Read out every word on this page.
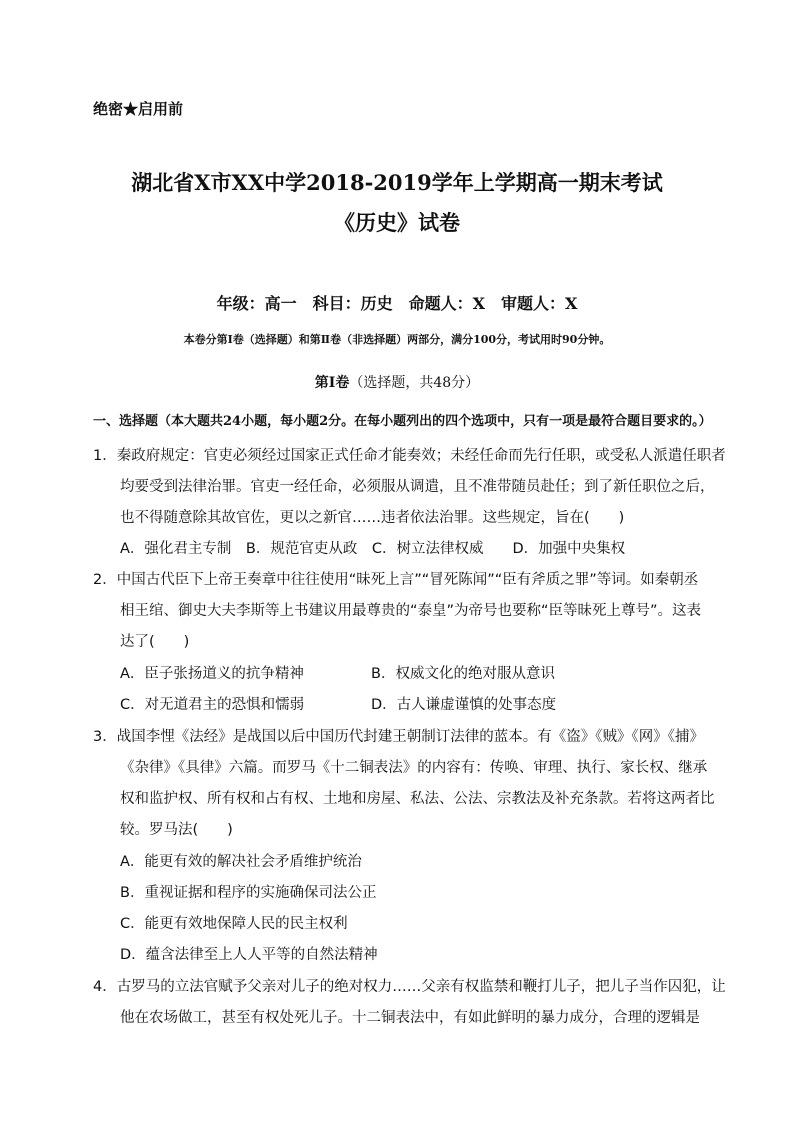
绝密★启用前
湖北省X市XX中学2018-2019学年上学期高一期末考试
《历史》试卷
年级：高一　科目：历史　命题人：X　审题人：X
本卷分第Ⅰ卷（选择题）和第Ⅱ卷（非选择题）两部分，满分100分，考试用时90分钟。
第Ⅰ卷（选择题，共48分）
一、选择题（本大题共24小题，每小题2分。在每小题列出的四个选项中，只有一项是最符合题目要求的。）
1．秦政府规定：官吏必须经过国家正式任命才能奏效；未经任命而先行任职，或受私人派遣任职者
均要受到法律治罪。官吏一经任命，必须服从调遣，且不准带随员赴任；到了新任职位之后，
也不得随意除其故官佐，更以之新官……违者依法治罪。这些规定，旨在(　　)
A．强化君主专制　B．规范官吏从政　C．树立法律权威　　D．加强中央集权
2．中国古代臣下上帝王奏章中往往使用“昧死上言”“冒死陈闻”“臣有斧质之罪”等词。如秦朝丞
相王绾、御史大夫李斯等上书建议用最尊贵的“泰皇”为帝号也要称“臣等昧死上尊号”。这表
达了(　　)
A．臣子张扬道义的抗争精神	B．权威文化的绝对服从意识
C．对无道君主的恐惧和懦弱	D．古人谦虚谨慎的处事态度
3．战国李悝《法经》是战国以后中国历代封建王朝制订法律的蓝本。有《盗》《贼》《网》《捕》
《杂律》《具律》六篇。而罗马《十二铜表法》的内容有：传唤、审理、执行、家长权、继承
权和监护权、所有权和占有权、土地和房屋、私法、公法、宗教法及补充条款。若将这两者比
较。罗马法(　　)
A．能更有效的解决社会矛盾维护统治
B．重视证据和程序的实施确保司法公正
C．能更有效地保障人民的民主权利
D．蕴含法律至上人人平等的自然法精神
4．古罗马的立法官赋予父亲对儿子的绝对权力……父亲有权监禁和鞭打儿子，把儿子当作囚犯，让
他在农场做工，甚至有权处死儿子。十二铜表法中，有如此鲜明的暴力成分，合理的逻辑是
